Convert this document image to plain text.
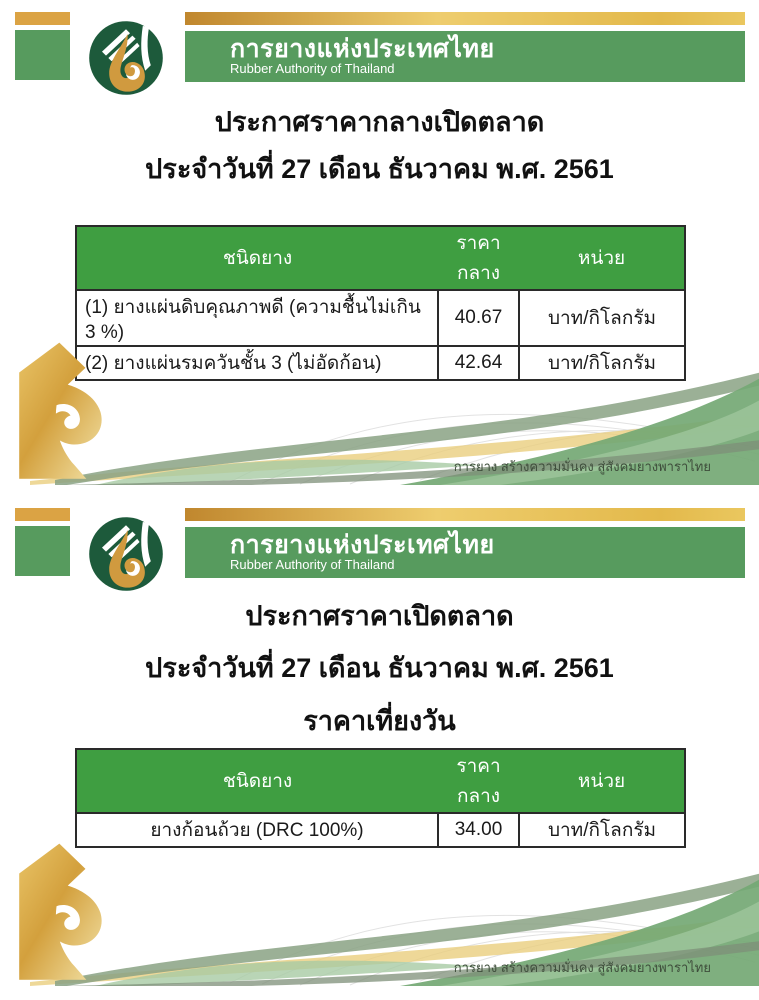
การยางแห่งประเทศไทย
Rubber Authority of Thailand
ประกาศราคากลางเปิดตลาด
ประจำวันที่ 27 เดือน ธันวาคม พ.ศ. 2561
ชนิดยาง	ราคากลาง	หน่วย
(1) ยางแผ่นดิบคุณภาพดี (ความชื้นไม่เกิน 3 %)	40.67	บาท/กิโลกรัม
(2) ยางแผ่นรมควันชั้น 3 (ไม่อัดก้อน)	42.64	บาท/กิโลกรัม
การยาง สร้างความมั่นคง สู่สังคมยางพาราไทย
การยางแห่งประเทศไทย
Rubber Authority of Thailand
ประกาศราคาเปิดตลาด
ประจำวันที่ 27 เดือน ธันวาคม พ.ศ. 2561
ราคาเที่ยงวัน
ชนิดยาง	ราคากลาง	หน่วย
ยางก้อนถ้วย (DRC 100%)	34.00	บาท/กิโลกรัม
การยาง สร้างความมั่นคง สู่สังคมยางพาราไทย
